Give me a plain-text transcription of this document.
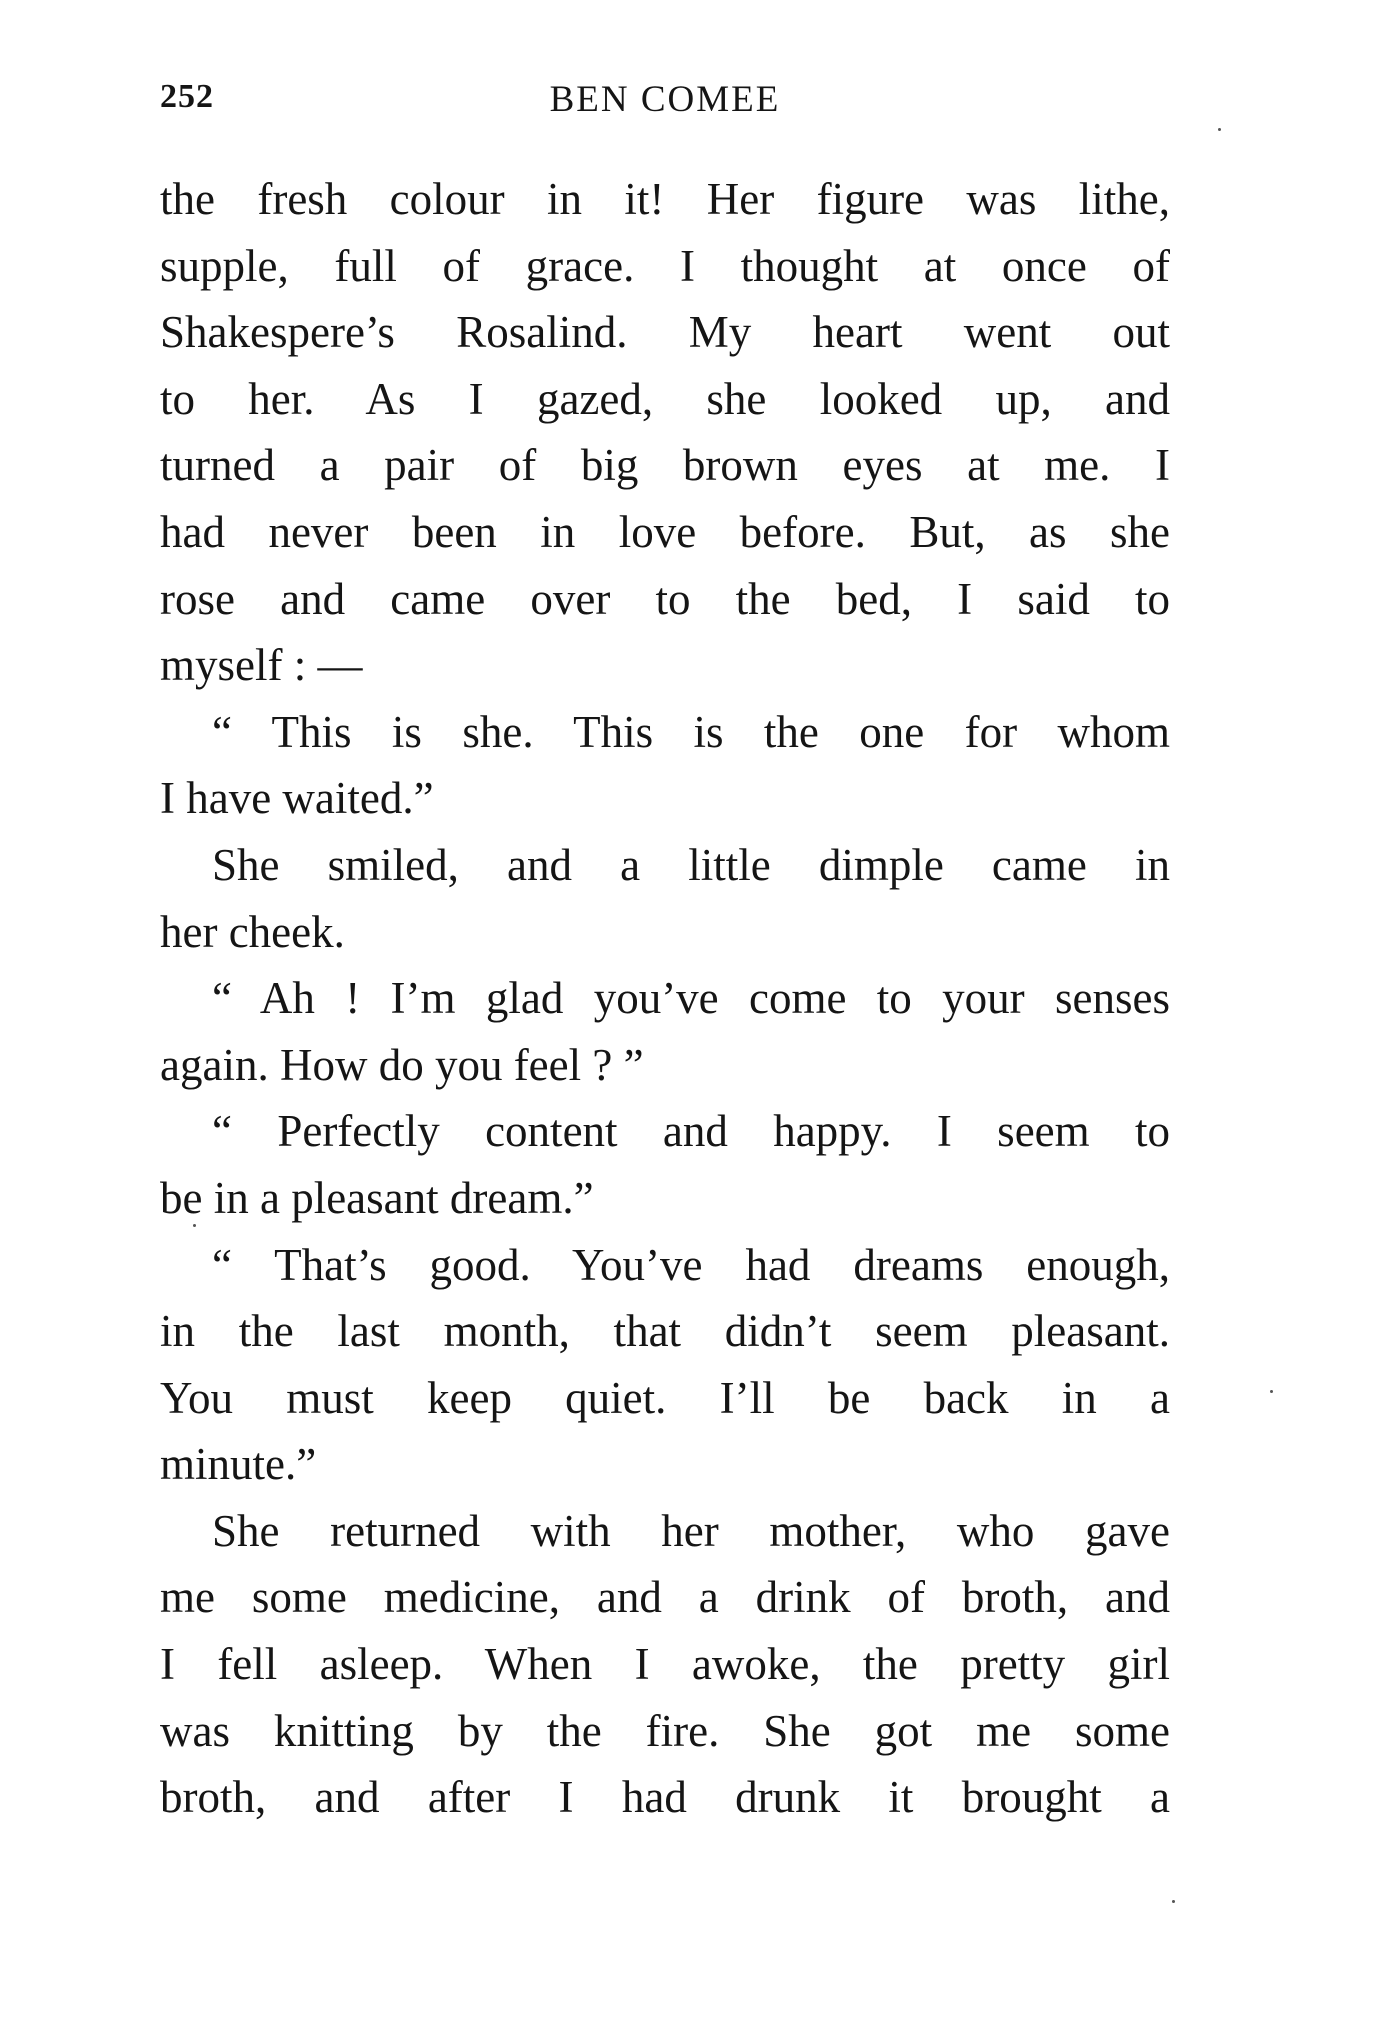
252	BEN COMEE
the fresh colour in it! Her figure was lithe,
supple, full of grace. I thought at once of
Shakespere’s Rosalind. My heart went out
to her. As I gazed, she looked up, and
turned a pair of big brown eyes at me. I
had never been in love before. But, as she
rose and came over to the bed, I said to
myself : —
“ This is she. This is the one for whom
I have waited.”
She smiled, and a little dimple came in
her cheek.
“ Ah ! I’m glad you’ve come to your senses
again. How do you feel ? ”
“ Perfectly content and happy. I seem to
be in a pleasant dream.”
“ That’s good. You’ve had dreams enough,
in the last month, that didn’t seem pleasant.
You must keep quiet. I’ll be back in a
minute.”
She returned with her mother, who gave
me some medicine, and a drink of broth, and
I fell asleep. When I awoke, the pretty girl
was knitting by the fire. She got me some
broth, and after I had drunk it brought a
